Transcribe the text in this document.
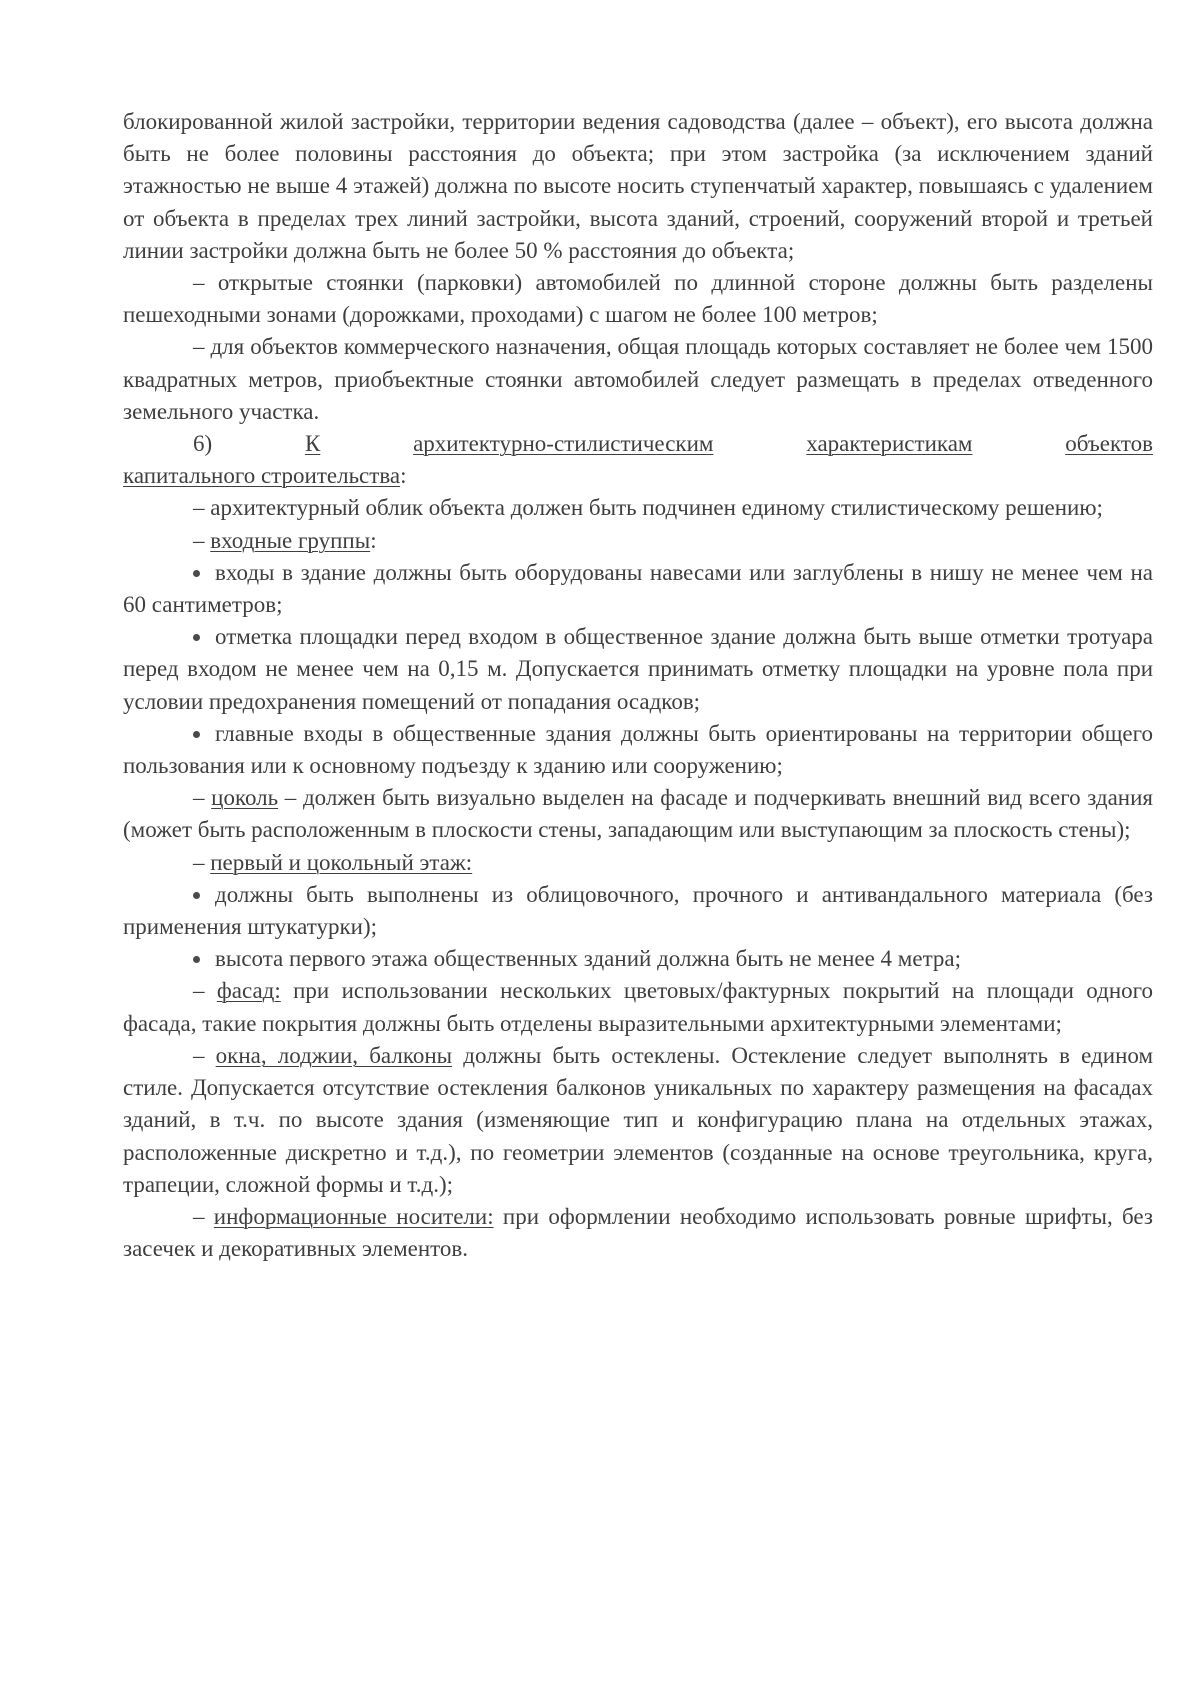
блокированной жилой застройки, территории ведения садоводства (далее – объект), его высота должна быть не более половины расстояния до объекта; при этом застройка (за исключением зданий этажностью не выше 4 этажей) должна по высоте носить ступенчатый характер, повышаясь с удалением от объекта в пределах трех линий застройки, высота зданий, строений, сооружений второй и третьей линии застройки должна быть не более 50 % расстояния до объекта;

– открытые стоянки (парковки) автомобилей по длинной стороне должны быть разделены пешеходными зонами (дорожками, проходами) с шагом не более 100 метров;

– для объектов коммерческого назначения, общая площадь которых составляет не более чем 1500 квадратных метров, приобъектные стоянки автомобилей следует размещать в пределах отведенного земельного участка.

6)	К	архитектурно-стилистическим	характеристикам	объектов

капитального строительства:

– архитектурный облик объекта должен быть подчинен единому стилистическому решению;

– входные группы:

входы в здание должны быть оборудованы навесами или заглублены в нишу не менее чем на 60 сантиметров;

отметка площадки перед входом в общественное здание должна быть выше отметки тротуара перед входом не менее чем на 0,15 м. Допускается принимать отметку площадки на уровне пола при условии предохранения помещений от попадания осадков;

главные входы в общественные здания должны быть ориентированы на территории общего пользования или к основному подъезду к зданию или сооружению;

– цоколь – должен быть визуально выделен на фасаде и подчеркивать внешний вид всего здания (может быть расположенным в плоскости стены, западающим или выступающим за плоскость стены);

– первый и цокольный этаж:

должны быть выполнены из облицовочного, прочного и антивандального материала (без применения штукатурки);

высота первого этажа общественных зданий должна быть не менее 4 метра;

– фасад: при использовании нескольких цветовых/фактурных покрытий на площади одного фасада, такие покрытия должны быть отделены выразительными архитектурными элементами;

– окна, лоджии, балконы должны быть остеклены. Остекление следует выполнять в едином стиле. Допускается отсутствие остекления балконов уникальных по характеру размещения на фасадах зданий, в т.ч. по высоте здания (изменяющие тип и конфигурацию плана на отдельных этажах, расположенные дискретно и т.д.), по геометрии элементов (созданные на основе треугольника, круга, трапеции, сложной формы и т.д.);

– информационные носители: при оформлении необходимо использовать ровные шрифты, без засечек и декоративных элементов.
